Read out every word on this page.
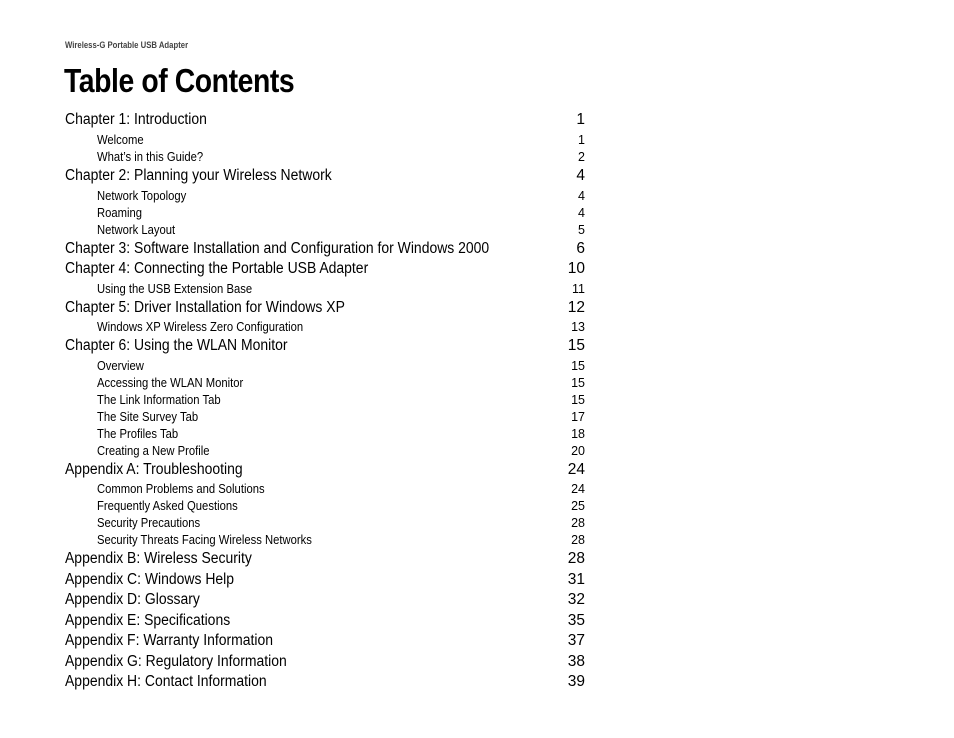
Wireless-G Portable USB Adapter
Table of Contents
Chapter 1: Introduction	1
Welcome	1
What’s in this Guide?	2
Chapter 2: Planning your Wireless Network	4
Network Topology	4
Roaming	4
Network Layout	5
Chapter 3: Software Installation and Configuration for Windows 2000	6
Chapter 4: Connecting the Portable USB Adapter	10
Using the USB Extension Base	11
Chapter 5: Driver Installation for Windows XP	12
Windows XP Wireless Zero Configuration	13
Chapter 6: Using the WLAN Monitor	15
Overview	15
Accessing the WLAN Monitor	15
The Link Information Tab	15
The Site Survey Tab	17
The Profiles Tab	18
Creating a New Profile	20
Appendix A: Troubleshooting	24
Common Problems and Solutions	24
Frequently Asked Questions	25
Security Precautions	28
Security Threats Facing Wireless Networks	28
Appendix B: Wireless Security	28
Appendix C: Windows Help	31
Appendix D: Glossary	32
Appendix E: Specifications	35
Appendix F: Warranty Information	37
Appendix G: Regulatory Information	38
Appendix H: Contact Information	39
